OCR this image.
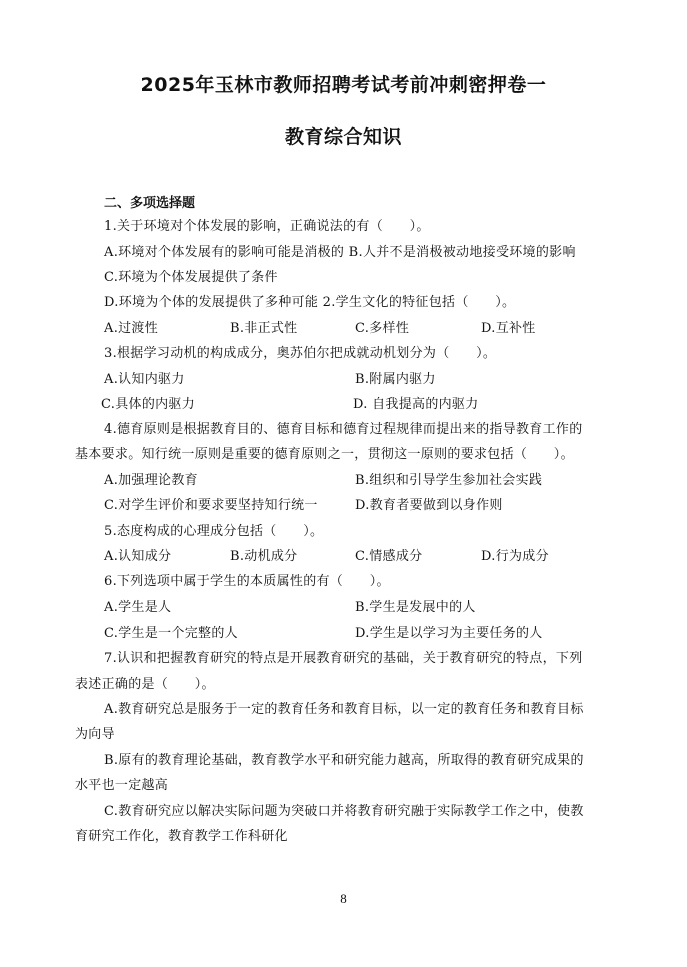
2025年玉林市教师招聘考试考前冲刺密押卷一
教育综合知识
二、多项选择题
1.关于环境对个体发展的影响，正确说法的有（　　）。
A.环境对个体发展有的影响可能是消极的 B.人并不是消极被动地接受环境的影响
C.环境为个体发展提供了条件
D.环境为个体的发展提供了多种可能 2.学生文化的特征包括（　　）。
A.过渡性	B.非正式性	C.多样性	D.互补性
3.根据学习动机的构成成分，奥苏伯尔把成就动机划分为（　　）。
A.认知内驱力	B.附属内驱力
C.具体的内驱力	D. 自我提高的内驱力
4.德育原则是根据教育目的、德育目标和德育过程规律而提出来的指导教育工作的
基本要求。知行统一原则是重要的德育原则之一，贯彻这一原则的要求包括（　　）。
A.加强理论教育	B.组织和引导学生参加社会实践
C.对学生评价和要求要坚持知行统一	D.教育者要做到以身作则
5.态度构成的心理成分包括（　　）。
A.认知成分	B.动机成分	C.情感成分	D.行为成分
6.下列选项中属于学生的本质属性的有（　　）。
A.学生是人	B.学生是发展中的人
C.学生是一个完整的人	D.学生是以学习为主要任务的人
7.认识和把握教育研究的特点是开展教育研究的基础，关于教育研究的特点，下列
表述正确的是（　　）。
A.教育研究总是服务于一定的教育任务和教育目标，以一定的教育任务和教育目标
为向导
B.原有的教育理论基础，教育教学水平和研究能力越高，所取得的教育研究成果的
水平也一定越高
C.教育研究应以解决实际问题为突破口并将教育研究融于实际教学工作之中，使教
育研究工作化，教育教学工作科研化
8
